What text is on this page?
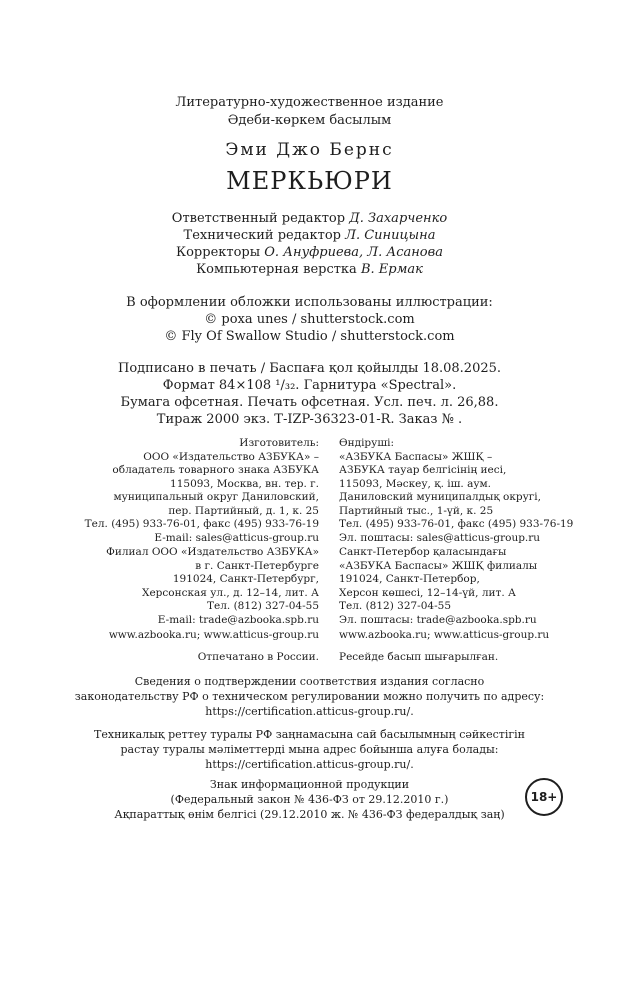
Литературно-художественное издание
Әдеби-көркем басылым
Эми Джо Бернс
МЕРКЬЮРИ
Ответственный редактор Д. Захарченко
Технический редактор Л. Синицына
Корректоры О. Ануфриева, Л. Асанова
Компьютерная верстка В. Ермак
В оформлении обложки использованы иллюстрации:
© poxa unes / shutterstock.com
© Fly Of Swallow Studio / shutterstock.com
Подписано в печать / Баспаға қол қойылды 18.08.2025.
Формат 84×108 ¹/₃₂. Гарнитура «Spectral».
Бумага офсетная. Печать офсетная. Усл. печ. л. 26,88.
Тираж 2000 экз. Т-IZP-36323-01-R. Заказ № .
Изготовитель:
ООО «Издательство АЗБУКА» –
обладатель товарного знака АЗБУКА
115093, Москва, вн. тер. г.
муниципальный округ Даниловский,
пер. Партийный, д. 1, к. 25
Тел. (495) 933-76-01, факс (495) 933-76-19
E-mail: sales@atticus-group.ru
Филиал ООО «Издательство АЗБУКА»
в г. Санкт-Петербурге
191024, Санкт-Петербург,
Херсонская ул., д. 12–14, лит. А
Тел. (812) 327-04-55
E-mail: trade@azbooka.spb.ru
www.azbooka.ru; www.atticus-group.ru
Отпечатано в России.
Өндіруші:
«АЗБУКА Баспасы» ЖШҚ –
АЗБУКА тауар белгісінің иесі,
115093, Мәскеу, қ. іш. аум.
Даниловский муниципалдық округі,
Партийный тыс., 1-үй, к. 25
Тел. (495) 933-76-01, факс (495) 933-76-19
Эл. поштасы: sales@atticus-group.ru
Санкт-Петербор қаласындағы
«АЗБУКА Баспасы» ЖШҚ филиалы
191024, Санкт-Петербор,
Херсон көшесі, 12–14-үй, лит. А
Тел. (812) 327-04-55
Эл. поштасы: trade@azbooka.spb.ru
www.azbooka.ru; www.atticus-group.ru
Ресейде басып шығарылған.
Сведения о подтверждении соответствия издания согласно
законодательству РФ о техническом регулировании можно получить по адресу:
https://certification.atticus-group.ru/.
Техникалық реттеу туралы РФ заңнамасына сай басылымның сәйкестігін
растау туралы мәліметтерді мына адрес бойынша алуға болады:
https://certification.atticus-group.ru/.
Знак информационной продукции
(Федеральный закон № 436-ФЗ от 29.12.2010 г.)
Ақпараттық өнім белгісі (29.12.2010 ж. № 436-ФЗ федералдық заң)
18+
